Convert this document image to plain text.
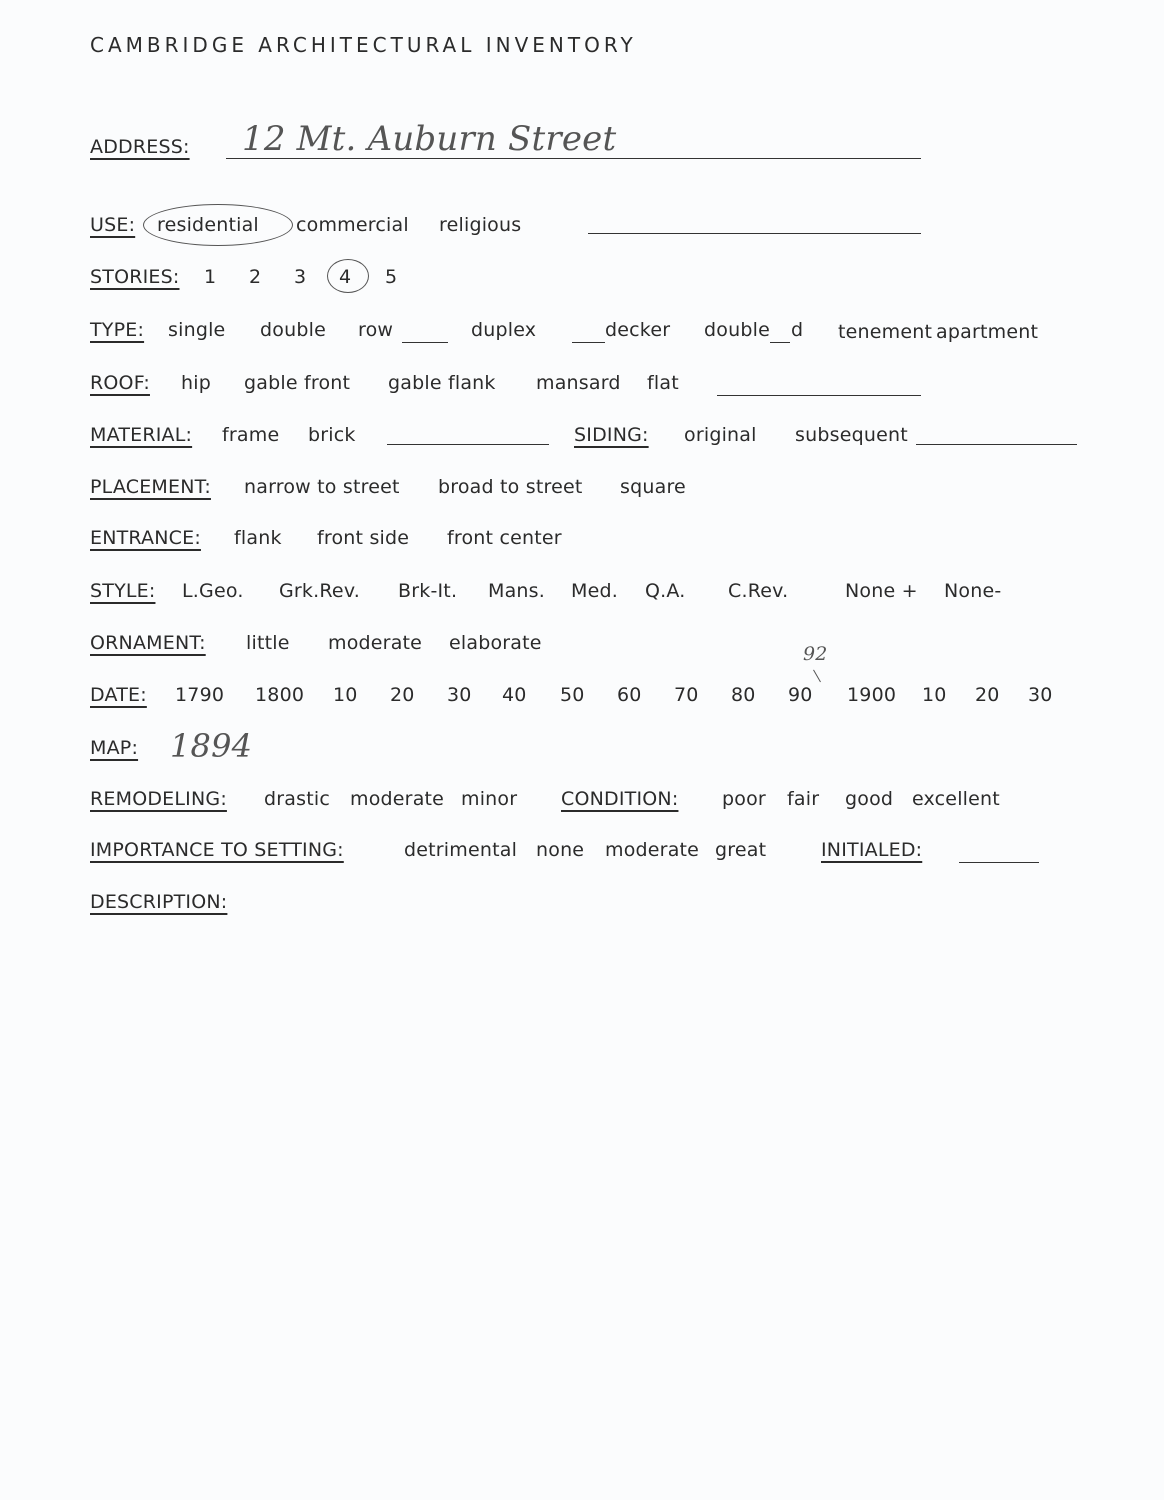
CAMBRIDGE ARCHITECTURAL INVENTORY
ADDRESS: 12 Mt. Auburn Street
USE: residential commercial religious
STORIES: 1 2 3 4 5
TYPE: single double row	duplex	decker double d tenement apartment
ROOF: hip gable front gable flank mansard flat
MATERIAL: frame brick	SIDING: original subsequent
PLACEMENT: narrow to street broad to street square
ENTRANCE: flank front side front center
STYLE: L.Geo. Grk.Rev. Brk-It. Mans. Med. Q.A. C.Rev.	None + None-
ORNAMENT: little moderate elaborate
DATE: 1790 1800 10 20 30 40 50 60 70 80 90
92
1900 10 20 30
MAP: 1894
REMODELING: drastic moderate minor CONDITION: poor fair good excellent
IMPORTANCE TO SETTING:	detrimental none moderate great	INITIALED:
DESCRIPTION:
